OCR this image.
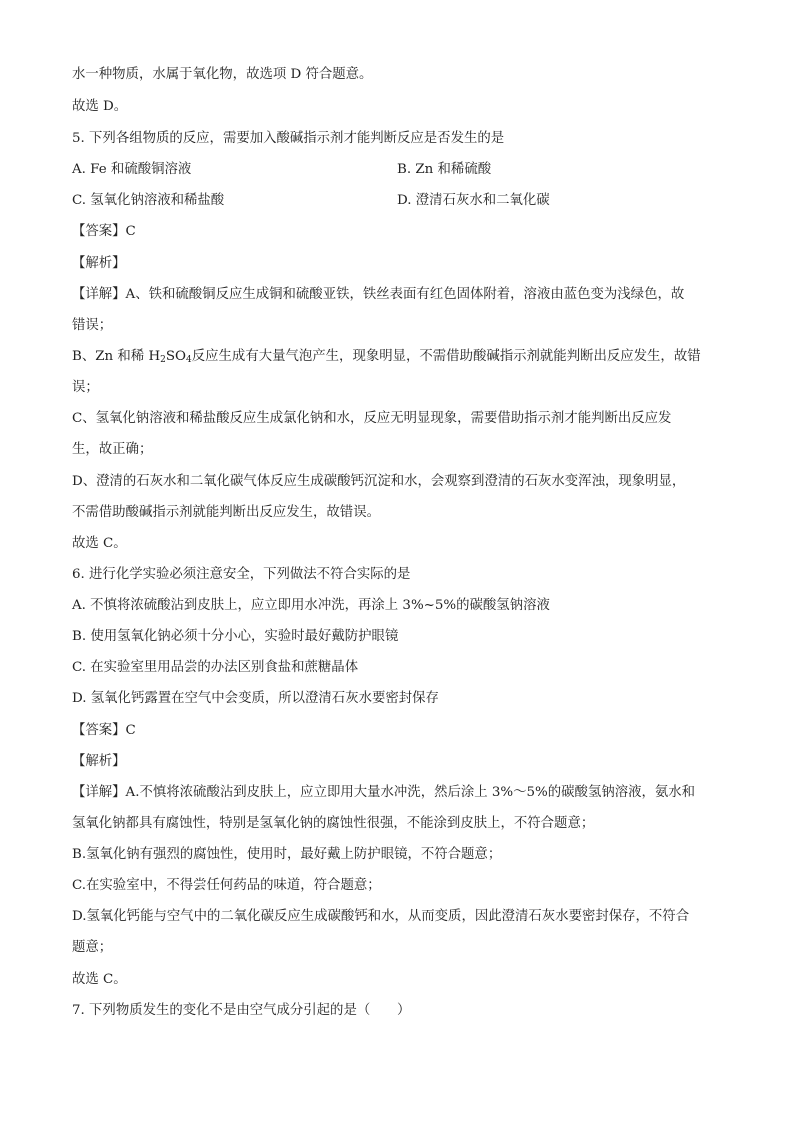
水一种物质，水属于氧化物，故选项 D 符合题意。
故选 D。
5. 下列各组物质的反应，需要加入酸碱指示剂才能判断反应是否发生的是
A. Fe 和硫酸铜溶液	B. Zn 和稀硫酸
C. 氢氧化钠溶液和稀盐酸	D. 澄清石灰水和二氧化碳
【答案】C
【解析】
【详解】A、铁和硫酸铜反应生成铜和硫酸亚铁，铁丝表面有红色固体附着，溶液由蓝色变为浅绿色，故
错误；
B、Zn 和稀 $H_2SO_4$反应生成有大量气泡产生，现象明显，不需借助酸碱指示剂就能判断出反应发生，故错
误；
C、氢氧化钠溶液和稀盐酸反应生成氯化钠和水，反应无明显现象，需要借助指示剂才能判断出反应发
生，故正确；
D、澄清的石灰水和二氧化碳气体反应生成碳酸钙沉淀和水，会观察到澄清的石灰水变浑浊，现象明显，
不需借助酸碱指示剂就能判断出反应发生，故错误。
故选 C。
6. 进行化学实验必须注意安全，下列做法不符合实际的是
A. 不慎将浓硫酸沾到皮肤上，应立即用水冲洗，再涂上 3%~5%的碳酸氢钠溶液
B. 使用氢氧化钠必须十分小心，实验时最好戴防护眼镜
C. 在实验室里用品尝的办法区别食盐和蔗糖晶体
D. 氢氧化钙露置在空气中会变质，所以澄清石灰水要密封保存
【答案】C
【解析】
【详解】A.不慎将浓硫酸沾到皮肤上，应立即用大量水冲洗，然后涂上 3%～5%的碳酸氢钠溶液，氨水和
氢氧化钠都具有腐蚀性，特别是氢氧化钠的腐蚀性很强，不能涂到皮肤上，不符合题意；
B.氢氧化钠有强烈的腐蚀性，使用时，最好戴上防护眼镜，不符合题意；
C.在实验室中，不得尝任何药品的味道，符合题意；
D.氢氧化钙能与空气中的二氧化碳反应生成碳酸钙和水，从而变质，因此澄清石灰水要密封保存，不符合
题意；
故选 C。
7. 下列物质发生的变化不是由空气成分引起的是（　　）
